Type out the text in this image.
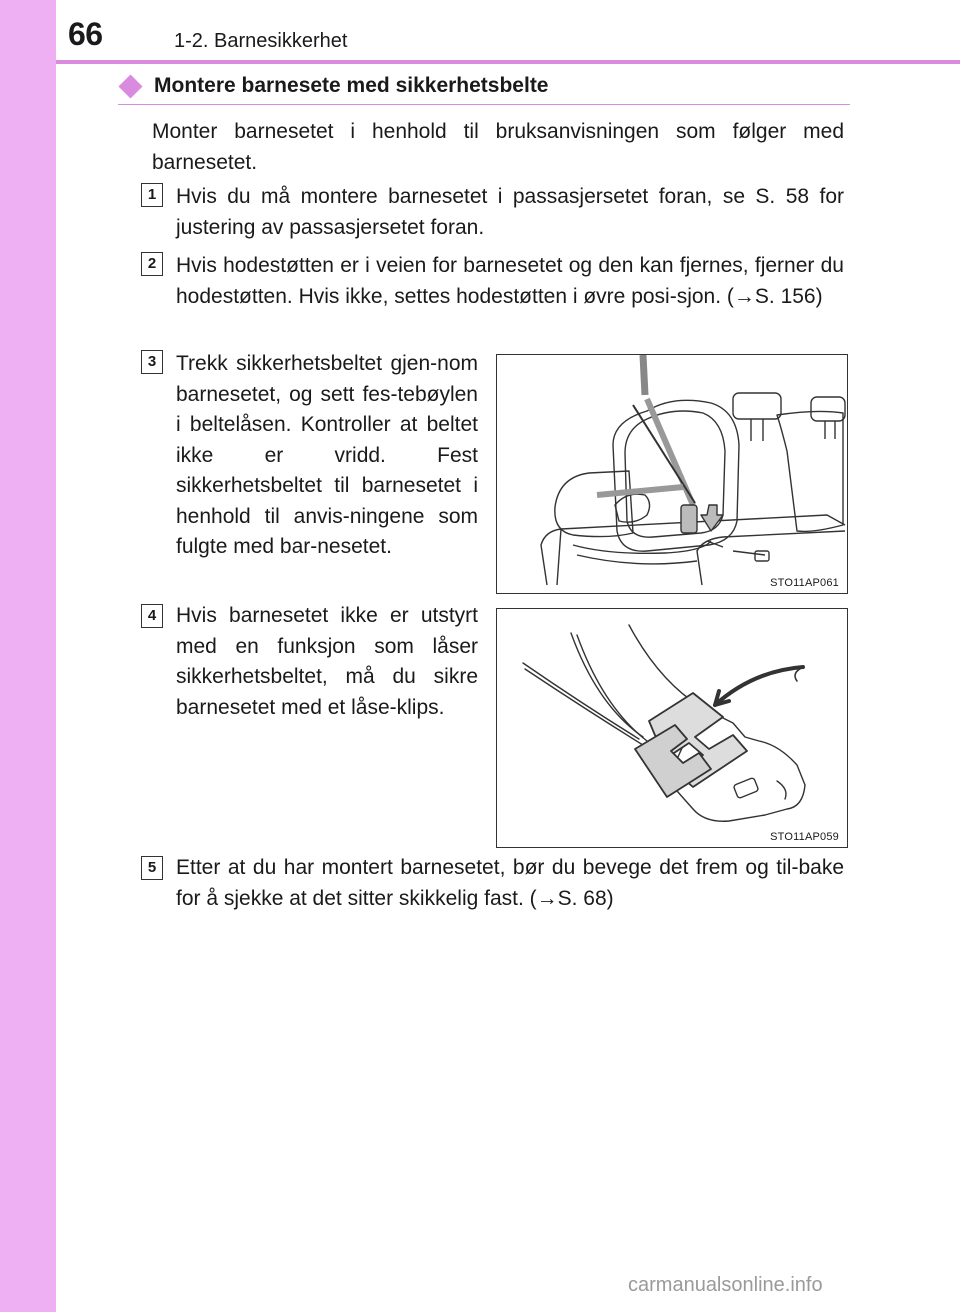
66	1-2. Barnesikkerhet
Montere barnesete med sikkerhetsbelte

Monter barnesetet i henhold til bruksanvisningen som følger med barnesetet.

1 Hvis du må montere barnesetet i passasjersetet foran, se S. 58 for justering av passasjersetet foran.

2 Hvis hodestøtten er i veien for barnesetet og den kan fjernes, fjerner du hodestøtten. Hvis ikke, settes hodestøtten i øvre posi-sjon. (→S. 156)

3 Trekk sikkerhetsbeltet gjen-nom barnesetet, og sett fes-tebøylen i beltelåsen. Kontroller at beltet ikke er vridd. Fest sikkerhetsbeltet til barnesetet i henhold til anvis-ningene som fulgte med bar-nesetet.

STO11AP061
4 Hvis barnesetet ikke er utstyrt med en funksjon som låser sikkerhetsbeltet, må du sikre barnesetet med et låse-klips.

STO11AP059
5 Etter at du har montert barnesetet, bør du bevege det frem og til-bake for å sjekke at det sitter skikkelig fast. (→S. 68)

carmanualsonline.info
